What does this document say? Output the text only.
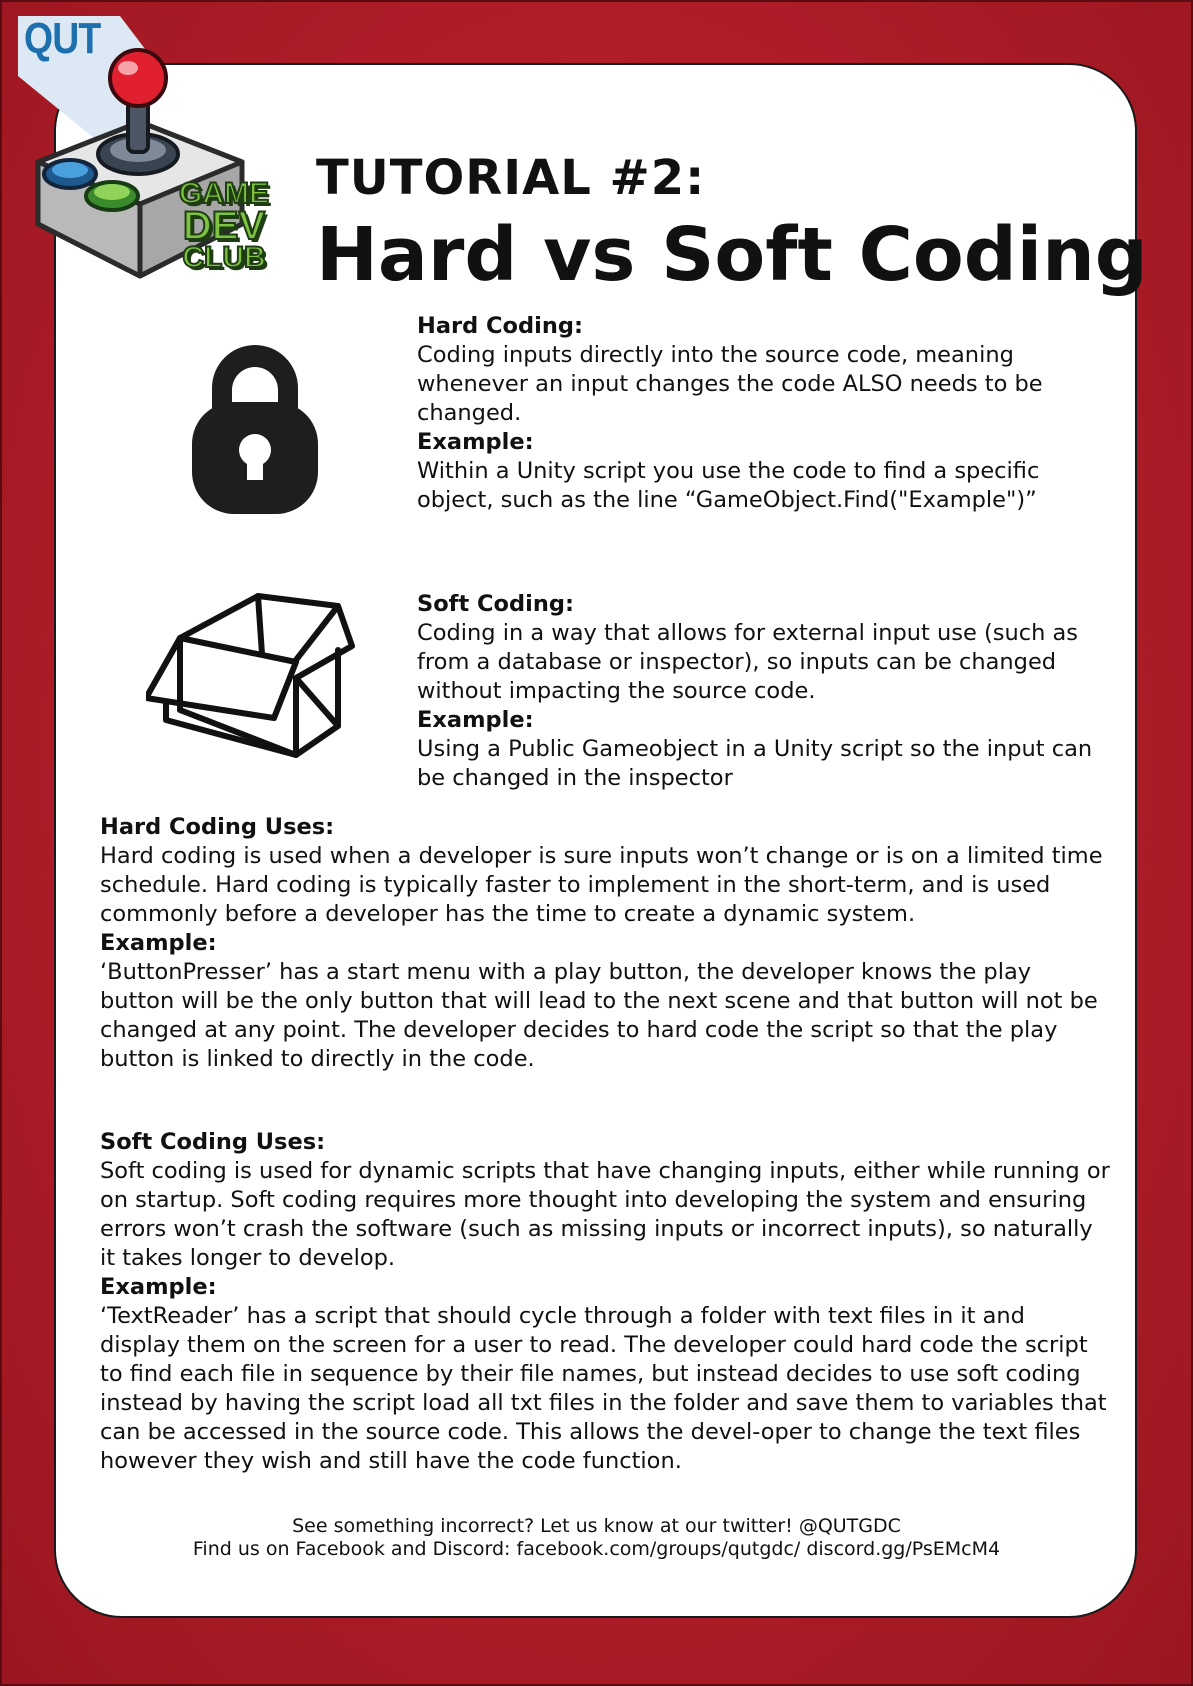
QUT
GAME
DEV
CLUB
TUTORIAL #2:
Hard vs Soft Coding
Hard Coding:

Coding inputs directly into the source code, meaning whenever an input changes the code ALSO needs to be changed.

Example:

Within a Unity script you use the code to find a specific object, such as the line “GameObject.Find("Example")”

Soft Coding:

Coding in a way that allows for external input use (such as from a database or inspector), so inputs can be changed without impacting the source code.

Example:

Using a Public Gameobject in a Unity script so the input can be changed in the inspector

Hard Coding Uses:

Hard coding is used when a developer is sure inputs won’t change or is on a limited time schedule. Hard coding is typically faster to implement in the short-term, and is used commonly before a developer has the time to create a dynamic system.

Example:

‘ButtonPresser’ has a start menu with a play button, the developer knows the play button will be the only button that will lead to the next scene and that button will not be changed at any point. The developer decides to hard code the script so that the play button is linked to directly in the code.

Soft Coding Uses:

Soft coding is used for dynamic scripts that have changing inputs, either while running or on startup. Soft coding requires more thought into developing the system and ensuring errors won’t crash the software (such as missing inputs or incorrect inputs), so naturally it takes longer to develop.

Example:

‘TextReader’ has a script that should cycle through a folder with text files in it and display them on the screen for a user to read. The developer could hard code the script to find each file in sequence by their file names, but instead decides to use soft coding instead by having the script load all txt files in the folder and save them to variables that can be accessed in the source code. This allows the devel-oper to change the text files however they wish and still have the code function.

See something incorrect? Let us know at our twitter! @QUTGDC
Find us on Facebook and Discord: facebook.com/groups/qutgdc/ discord.gg/PsEMcM4
